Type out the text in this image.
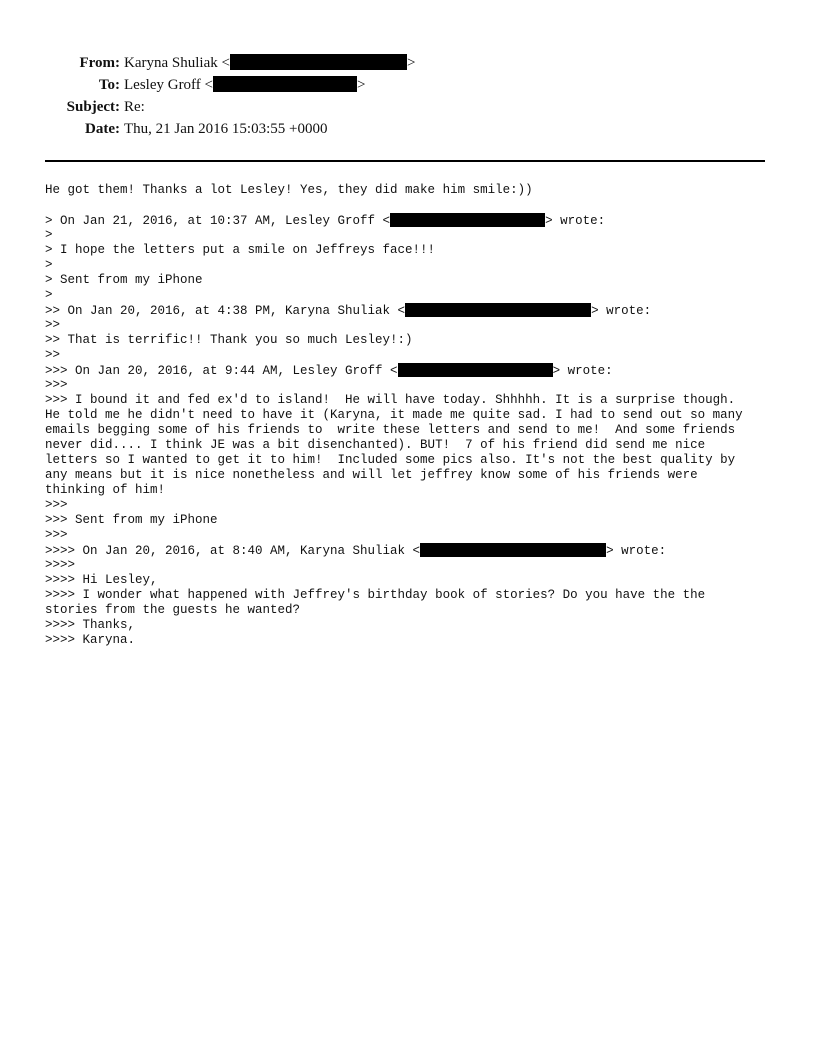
From: Karyna Shuliak <	>
To: Lesley Groff <	>
Subject: Re:
Date: Thu, 21 Jan 2016 15:03:55 +0000
He got them! Thanks a lot Lesley! Yes, they did make him smile:))
> On Jan 21, 2016, at 10:37 AM, Lesley Groff <	> wrote:
>
> I hope the letters put a smile on Jeffreys face!!!
>
> Sent from my iPhone
>
>> On Jan 20, 2016, at 4:38 PM, Karyna Shuliak <	> wrote:
>>
>> That is terrific!! Thank you so much Lesley!:)
>>
>>> On Jan 20, 2016, at 9:44 AM, Lesley Groff <	> wrote:
>>>
>>> I bound it and fed ex'd to island!  He will have today. Shhhhh. It is a surprise though.
He told me he didn't need to have it (Karyna, it made me quite sad. I had to send out so many
emails begging some of his friends to  write these letters and send to me!  And some friends
never did.... I think JE was a bit disenchanted). BUT!  7 of his friend did send me nice
letters so I wanted to get it to him!  Included some pics also. It's not the best quality by
any means but it is nice nonetheless and will let jeffrey know some of his friends were
thinking of him!
>>>
>>> Sent from my iPhone
>>>
>>>> On Jan 20, 2016, at 8:40 AM, Karyna Shuliak <	> wrote:
>>>>
>>>> Hi Lesley,
>>>> I wonder what happened with Jeffrey's birthday book of stories? Do you have the the
stories from the guests he wanted?
>>>> Thanks,
>>>> Karyna.
